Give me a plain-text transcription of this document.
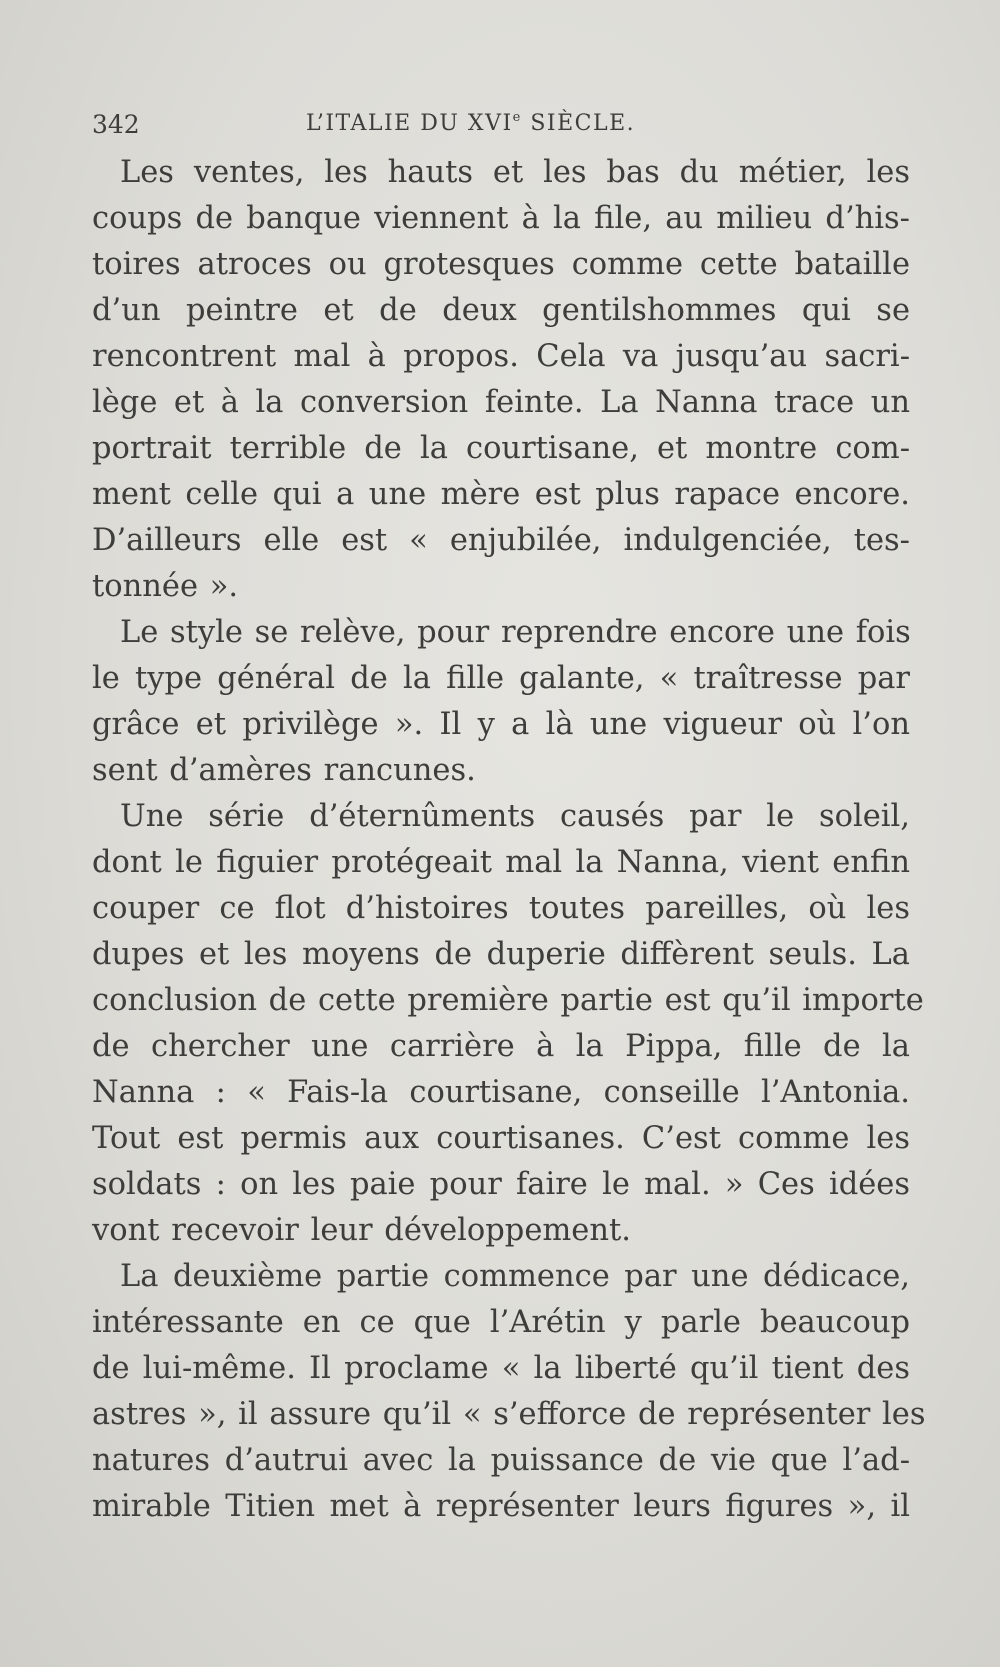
342	L’ITALIE DU XVIe SIÈCLE.

Les ventes, les hauts et les bas du métier, les
coups de banque viennent à la file, au milieu d’his-
toires atroces ou grotesques comme cette bataille
d’un peintre et de deux gentilshommes qui se
rencontrent mal à propos. Cela va jusqu’au sacri-
lège et à la conversion feinte. La Nanna trace un
portrait terrible de la courtisane, et montre com-
ment celle qui a une mère est plus rapace encore.
D’ailleurs elle est « enjubilée, indulgenciée, tes-
tonnée ».

Le style se relève, pour reprendre encore une fois
le type général de la fille galante, « traîtresse par
grâce et privilège ». Il y a là une vigueur où l’on
sent d’amères rancunes.

Une série d’éternûments causés par le soleil,
dont le figuier protégeait mal la Nanna, vient enfin
couper ce flot d’histoires toutes pareilles, où les
dupes et les moyens de duperie diffèrent seuls. La
conclusion de cette première partie est qu’il importe
de chercher une carrière à la Pippa, fille de la
Nanna : « Fais-la courtisane, conseille l’Antonia.
Tout est permis aux courtisanes. C’est comme les
soldats : on les paie pour faire le mal. » Ces idées
vont recevoir leur développement.

La deuxième partie commence par une dédicace,
intéressante en ce que l’Arétin y parle beaucoup
de lui-même. Il proclame « la liberté qu’il tient des
astres », il assure qu’il « s’efforce de représenter les
natures d’autrui avec la puissance de vie que l’ad-
mirable Titien met à représenter leurs figures », il
